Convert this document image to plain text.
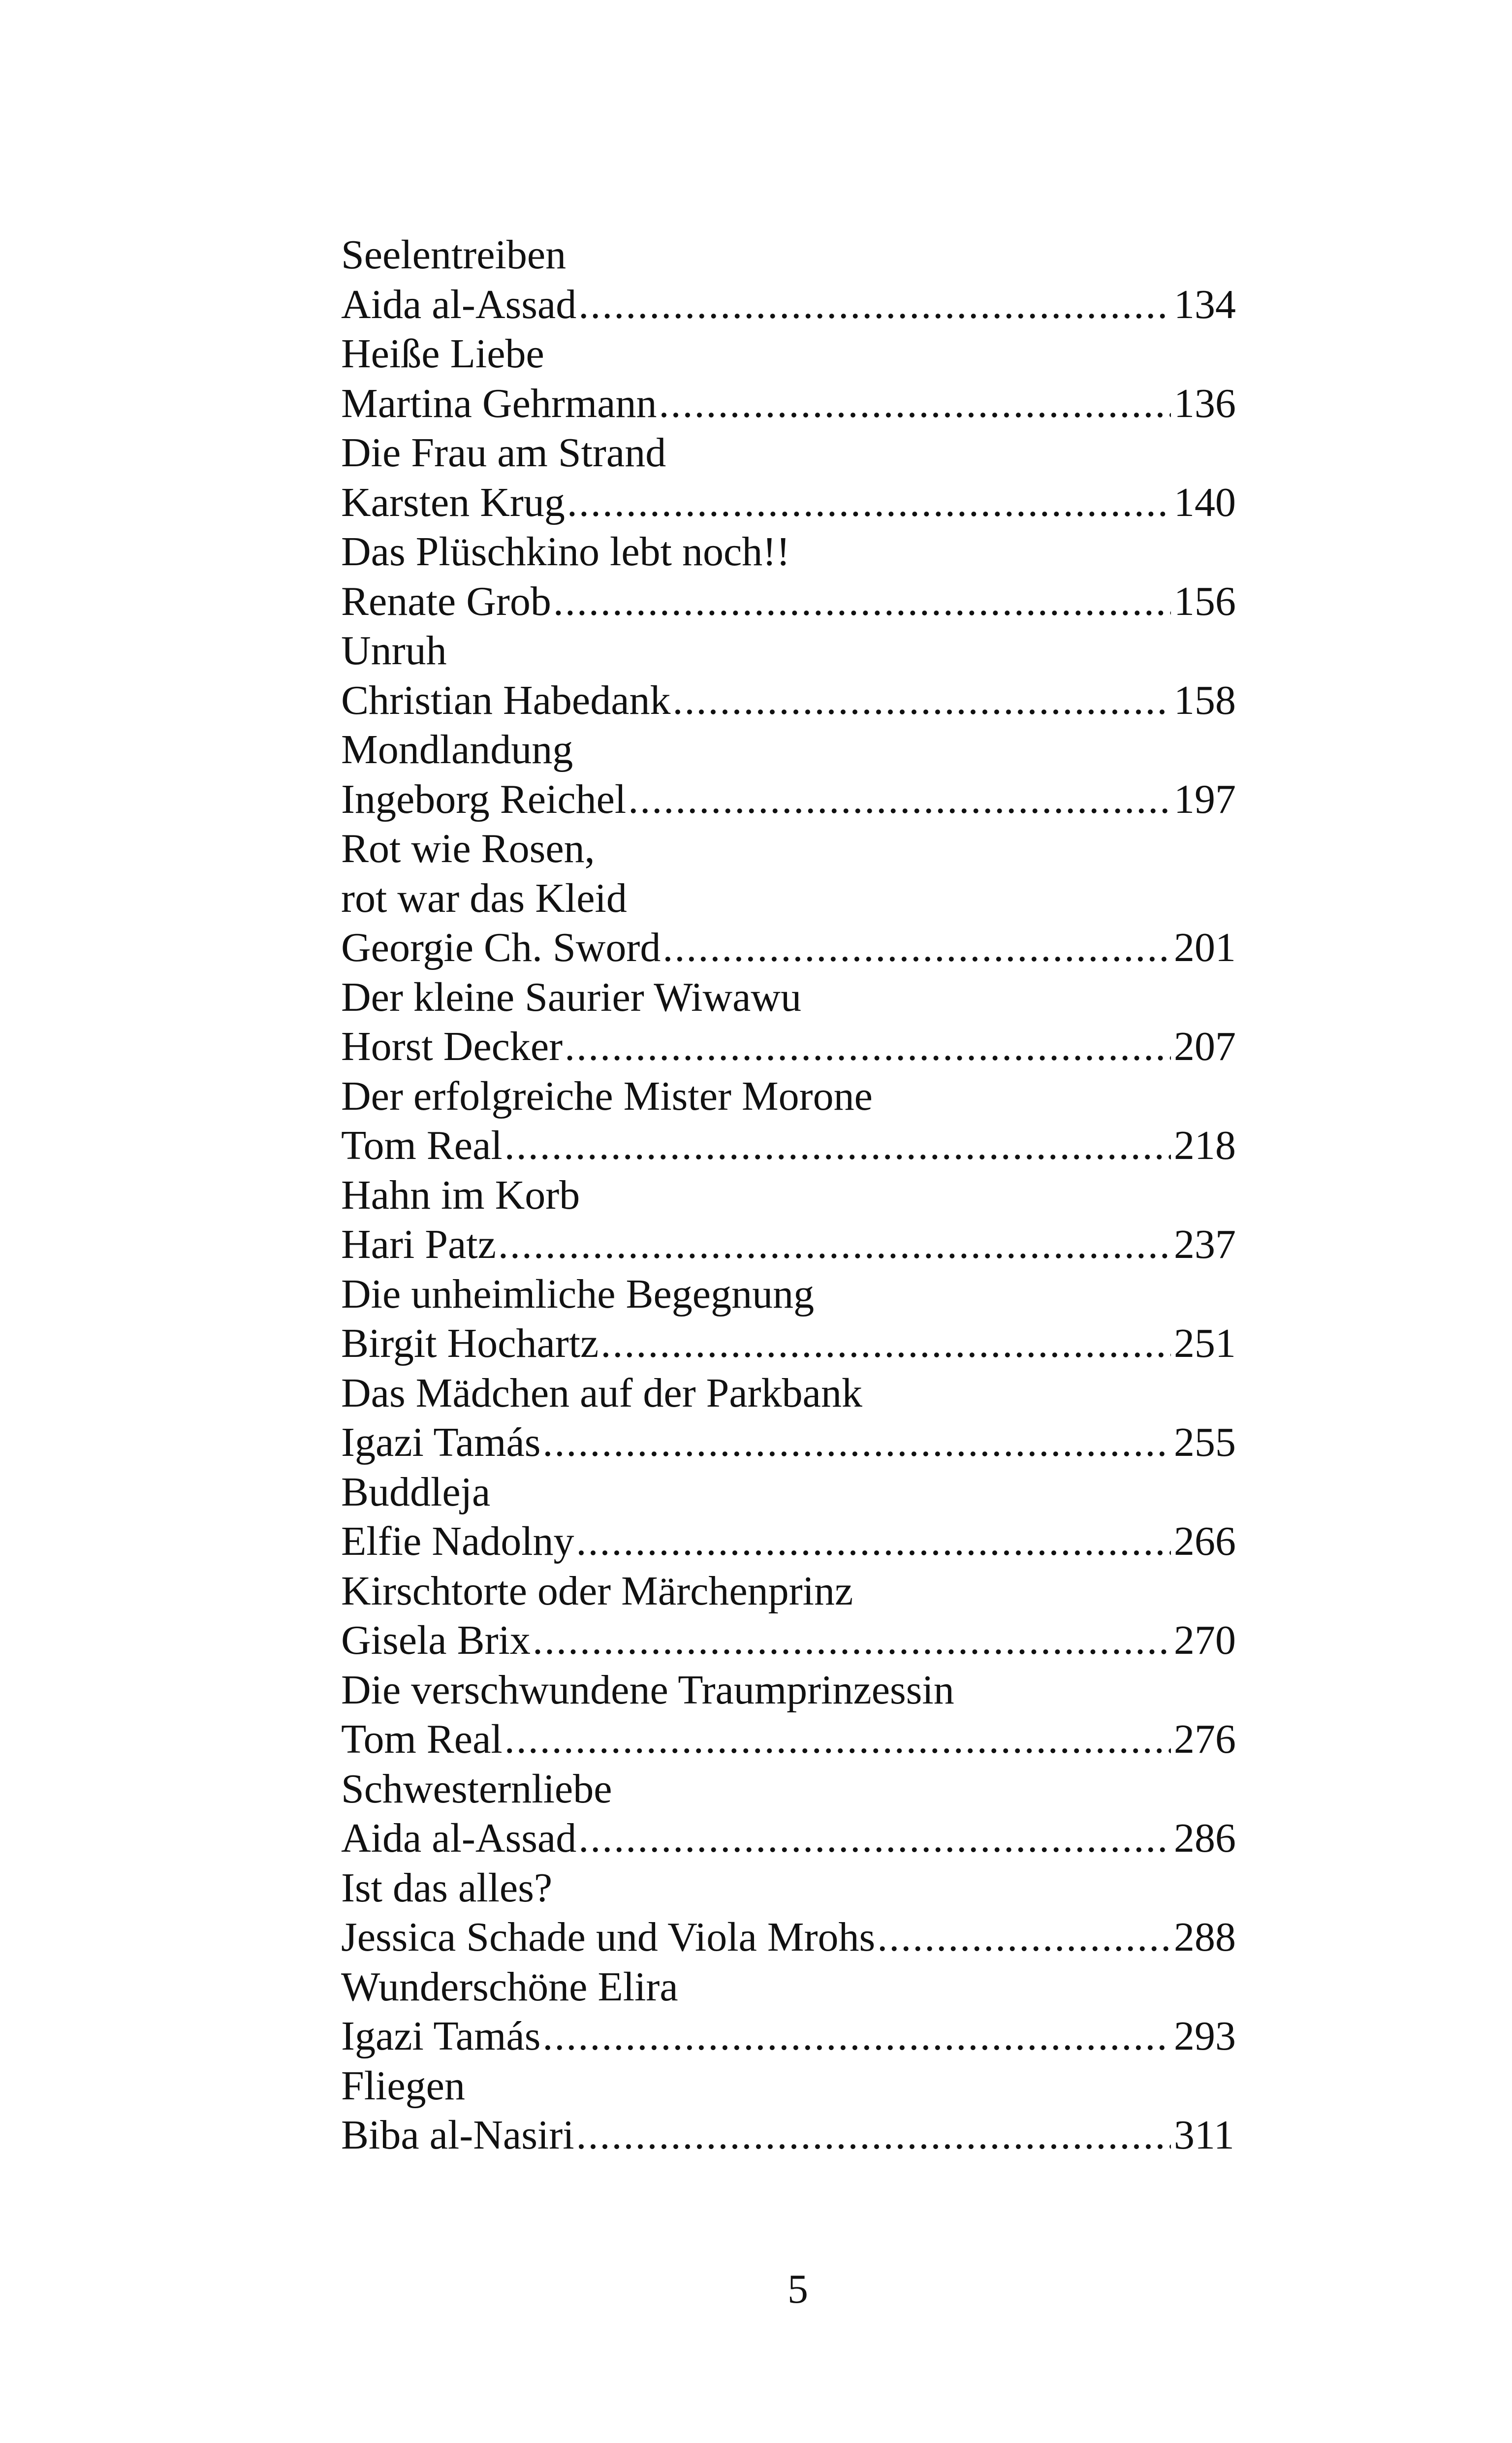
Seelentreiben
Aida al-Assad .....	134
Heiße Liebe
Martina Gehrmann .....	136
Die Frau am Strand
Karsten Krug .....	140
Das Plüschkino lebt noch!!
Renate Grob .....	156
Unruh
Christian Habedank .....	158
Mondlandung
Ingeborg Reichel .....	197
Rot wie Rosen,
rot war das Kleid
Georgie Ch. Sword .....	201
Der kleine Saurier Wiwawu
Horst Decker .....	207
Der erfolgreiche Mister Morone
Tom Real .....	218
Hahn im Korb
Hari Patz .....	237
Die unheimliche Begegnung
Birgit Hochartz .....	251
Das Mädchen auf der Parkbank
Igazi Tamás .....	255
Buddleja
Elfie Nadolny .....	266
Kirschtorte oder Märchenprinz
Gisela Brix .....	270
Die verschwundene Traumprinzessin
Tom Real .....	276
Schwesternliebe
Aida al-Assad .....	286
Ist das alles?
Jessica Schade und Viola Mrohs .....	288
Wunderschöne Elira
Igazi Tamás .....	293
Fliegen
Biba al-Nasiri .....	311
5
